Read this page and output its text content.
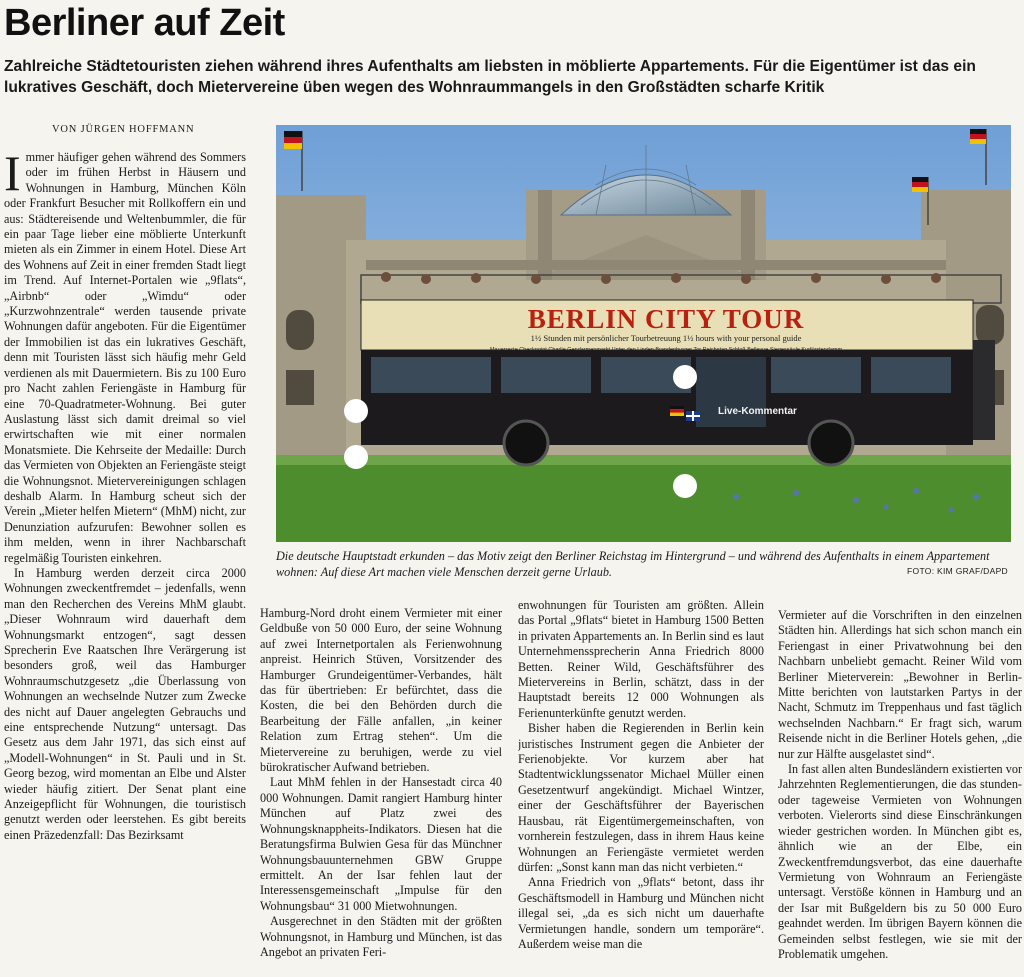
Berliner auf Zeit
Zahlreiche Städtetouristen ziehen während ihres Aufenthalts am liebsten in möblierte Appartements. Für die Eigentümer ist das ein lukratives Geschäft, doch Mietervereine üben wegen des Wohnraummangels in den Großstädten scharfe Kritik
VON JÜRGEN HOFFMANN

Immer häufiger gehen während des Sommers oder im frühen Herbst in Häusern und Wohnungen in Hamburg, München Köln oder Frankfurt Besucher mit Rollkoffern ein und aus: Städtereisende und Weltenbummler, die für ein paar Tage lieber eine möblierte Unterkunft mieten als ein Zimmer in einem Hotel. Diese Art des Wohnens auf Zeit in einer fremden Stadt liegt im Trend. Auf Internet-Portalen wie „9flats“, „Airbnb“ oder „Wimdu“ oder „Kurzwohnzentrale“ werden tausende private Wohnungen dafür angeboten. Für die Eigentümer der Immobilien ist das ein lukratives Geschäft, denn mit Touristen lässt sich häufig mehr Geld verdienen als mit Dauermietern. Bis zu 100 Euro pro Nacht zahlen Feriengäste in Hamburg für eine 70-Quadratmeter-Wohnung. Bei guter Auslastung lässt sich damit dreimal so viel erwirtschaften wie mit einer normalen Monatsmiete. Die Kehrseite der Medaille: Durch das Vermieten von Objekten an Feriengäste steigt die Wohnungsnot. Mietervereinigungen schlagen deshalb Alarm. In Hamburg scheut sich der Verein „Mieter helfen Mietern“ (MhM) nicht, zur Denunziation aufzurufen: Bewohner sollen es ihm melden, wenn in ihrer Nachbarschaft regelmäßig Touristen einkehren.

In Hamburg werden derzeit circa 2000 Wohnungen zweckentfremdet – jedenfalls, wenn man den Recherchen des Vereins MhM glaubt. „Dieser Wohnraum wird dauerhaft dem Wohnungsmarkt entzogen“, sagt dessen Sprecherin Eve Raatschen Ihre Verärgerung ist besonders groß, weil das Hamburger Wohnraumschutzgesetz „die Überlassung von Wohnungen an wechselnde Nutzer zum Zwecke des nicht auf Dauer angelegten Gebrauchs und eine entsprechende Nutzung“ untersagt. Das Gesetz aus dem Jahr 1971, das sich einst auf „Modell-Wohnungen“ in St. Pauli und in St. Georg bezog, wird momentan an Elbe und Alster wieder häufig zitiert. Der Senat plant eine Anzeigepflicht für Wohnungen, die touristisch genutzt werden oder leerstehen. Es gibt bereits einen Präzedenzfall: Das Bezirksamt

BERLIN CITY TOUR
1½ Stunden mit persönlicher Tourbetreuung 1½ hours with your personal guide
Mauerreste Checkpoint Charlie Gendarmenmarkt Unter den Linden Brandenburger Tor Reichstag Schloß Bellevue Siegessäule Kurfürstendamm
Live-Kommentar
Die deutsche Hauptstadt erkunden – das Motiv zeigt den Berliner Reichstag im Hintergrund – und während des Aufenthalts in einem Appartement wohnen: Auf diese Art machen viele Menschen derzeit gerne Urlaub.	FOTO: KIM GRAF/DAPD

Hamburg-Nord droht einem Vermieter mit einer Geldbuße von 50 000 Euro, der seine Wohnung auf zwei Internetportalen als Ferienwohnung anpreist. Heinrich Stüven, Vorsitzender des Hamburger Grundeigentümer-Verbandes, hält das für übertrieben: Er befürchtet, dass die Kosten, die bei den Behörden durch die Bearbeitung der Fälle anfallen, „in keiner Relation zum Ertrag stehen“. Um die Mietervereine zu beruhigen, werde zu viel bürokratischer Aufwand betrieben.

Laut MhM fehlen in der Hansestadt circa 40 000 Wohnungen. Damit rangiert Hamburg hinter München auf Platz zwei des Wohnungsknappheits-Indikators. Diesen hat die Beratungsfirma Bulwien Gesa für das Münchner Wohnungsbauunternehmen GBW Gruppe ermittelt. An der Isar fehlen laut der Interessensgemeinschaft „Impulse für den Wohnungsbau“ 31 000 Mietwohnungen.

Ausgerechnet in den Städten mit der größten Wohnungsnot, in Hamburg und München, ist das Angebot an privaten Feri-

enwohnungen für Touristen am größten. Allein das Portal „9flats“ bietet in Hamburg 1500 Betten in privaten Appartements an. In Berlin sind es laut Unternehmenssprecherin Anna Friedrich 8000 Betten. Reiner Wild, Geschäftsführer des Mietervereins in Berlin, schätzt, dass in der Hauptstadt bereits 12 000 Wohnungen als Ferienunterkünfte genutzt werden.

Bisher haben die Regierenden in Berlin kein juristisches Instrument gegen die Anbieter der Ferienobjekte. Vor kurzem aber hat Stadtentwicklungssenator Michael Müller einen Gesetzentwurf angekündigt. Michael Wintzer, einer der Geschäftsführer der Bayerischen Hausbau, rät Eigentümergemeinschaften, von vornherein festzulegen, dass in ihrem Haus keine Wohnungen an Feriengäste vermietet werden dürfen: „Sonst kann man das nicht verbieten.“

Anna Friedrich von „9flats“ betont, dass ihr Geschäftsmodell in Hamburg und München nicht illegal sei, „da es sich nicht um dauerhafte Vermietungen handle, sondern um temporäre“. Außerdem weise man die

Vermieter auf die Vorschriften in den einzelnen Städten hin. Allerdings hat sich schon manch ein Feriengast in einer Privatwohnung bei den Nachbarn unbeliebt gemacht. Reiner Wild vom Berliner Mieterverein: „Bewohner in Berlin-Mitte berichten von lautstarken Partys in der Nacht, Schmutz im Treppenhaus und fast täglich wechselnden Nachbarn.“ Er fragt sich, warum Reisende nicht in die Berliner Hotels gehen, „die nur zur Hälfte ausgelastet sind“.

In fast allen alten Bundesländern existierten vor Jahrzehnten Reglementierungen, die das stunden- oder tageweise Vermieten von Wohnungen verboten. Vielerorts sind diese Einschränkungen wieder gestrichen worden. In München gibt es, ähnlich wie an der Elbe, ein Zweckentfremdungsverbot, das eine dauerhafte Vermietung von Wohnraum an Feriengäste untersagt. Verstöße können in Hamburg und an der Isar mit Bußgeldern bis zu 50 000 Euro geahndet werden. Im übrigen Bayern können die Gemeinden selbst festlegen, wie sie mit der Problematik umgehen.
